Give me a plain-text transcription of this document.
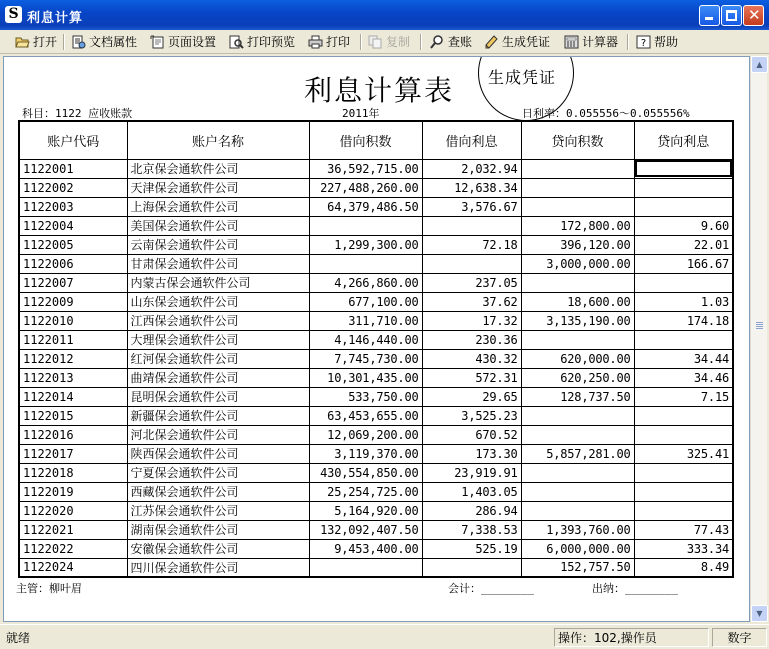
S 利息计算	✕
打开	文档属性	页面设置	打印预览	打印	复制	查账	生成凭证	计算器 ? 帮助
利息计算表 生成凭证
科目：1122 应收账款	2011年	日利率：0.055556～0.055556%
账户代码	账户名称	借向积数	借向利息	贷向积数	贷向利息
1122001	北京保会通软件公司	36,592,715.00	2,032.94		
1122002	天津保会通软件公司	227,488,260.00	12,638.34		
1122003	上海保会通软件公司	64,379,486.50	3,576.67		
1122004	美国保会通软件公司			172,800.00	9.60
1122005	云南保会通软件公司	1,299,300.00	72.18	396,120.00	22.01
1122006	甘肃保会通软件公司			3,000,000.00	166.67
1122007	内蒙古保会通软件公司	4,266,860.00	237.05		
1122009	山东保会通软件公司	677,100.00	37.62	18,600.00	1.03
1122010	江西保会通软件公司	311,710.00	17.32	3,135,190.00	174.18
1122011	大理保会通软件公司	4,146,440.00	230.36		
1122012	红河保会通软件公司	7,745,730.00	430.32	620,000.00	34.44
1122013	曲靖保会通软件公司	10,301,435.00	572.31	620,250.00	34.46
1122014	昆明保会通软件公司	533,750.00	29.65	128,737.50	7.15
1122015	新疆保会通软件公司	63,453,655.00	3,525.23		
1122016	河北保会通软件公司	12,069,200.00	670.52		
1122017	陕西保会通软件公司	3,119,370.00	173.30	5,857,281.00	325.41
1122018	宁夏保会通软件公司	430,554,850.00	23,919.91		
1122019	西藏保会通软件公司	25,254,725.00	1,403.05		
1122020	江苏保会通软件公司	5,164,920.00	286.94		
1122021	湖南保会通软件公司	132,092,407.50	7,338.53	1,393,760.00	77.43
1122022	安徽保会通软件公司	9,453,400.00	525.19	6,000,000.00	333.34
1122024	四川保会通软件公司			152,757.50	8.49
主管：柳叶眉	会计：________	出纳：________
▲
▼
就绪	操作：102,操作员	数字
